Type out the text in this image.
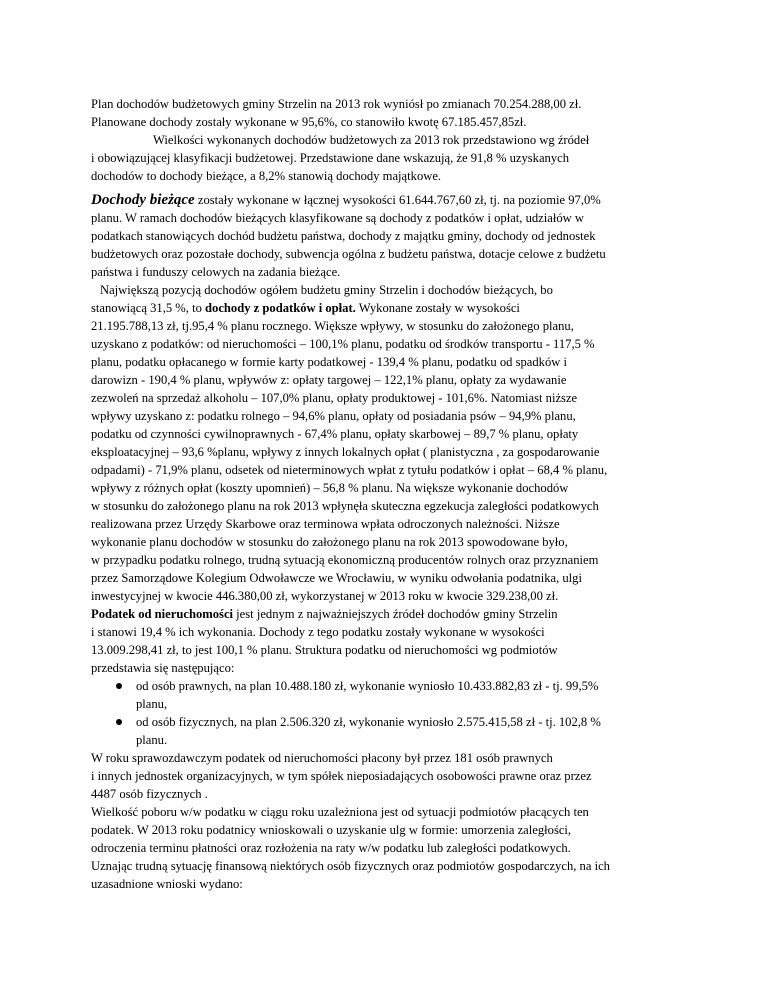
Plan dochodów budżetowych gminy Strzelin na 2013 rok wyniósł po zmianach 70.254.288,00 zł.
Planowane dochody zostały wykonane w 95,6%, co stanowiło kwotę 67.185.457,85zł.
Wielkości wykonanych dochodów budżetowych za 2013 rok przedstawiono wg źródeł
i obowiązującej klasyfikacji budżetowej. Przedstawione dane wskazują, że 91,8 % uzyskanych
dochodów to dochody bieżące, a 8,2% stanowią dochody majątkowe.
Dochody bieżące zostały wykonane w łącznej wysokości 61.644.767,60 zł, tj. na poziomie 97,0%
planu. W ramach dochodów bieżących klasyfikowane są dochody z podatków i opłat, udziałów w
podatkach stanowiących dochód budżetu państwa, dochody z majątku gminy, dochody od jednostek
budżetowych oraz pozostałe dochody, subwencja ogólna z budżetu państwa, dotacje celowe z budżetu
państwa i funduszy celowych na zadania bieżące.
Największą pozycją dochodów ogółem budżetu gminy Strzelin i dochodów bieżących, bo
stanowiącą 31,5 %, to dochody z podatków i opłat. Wykonane zostały w wysokości
21.195.788,13 zł, tj.95,4 % planu rocznego. Większe wpływy, w stosunku do założonego planu,
uzyskano z podatków: od nieruchomości – 100,1% planu, podatku od środków transportu - 117,5 %
planu, podatku opłacanego w formie karty podatkowej - 139,4 % planu, podatku od spadków i
darowizn - 190,4 % planu, wpływów z: opłaty targowej – 122,1% planu, opłaty za wydawanie
zezwoleń na sprzedaż alkoholu – 107,0% planu, opłaty produktowej - 101,6%. Natomiast niższe
wpływy uzyskano z: podatku rolnego – 94,6% planu, opłaty od posiadania psów – 94,9% planu,
podatku od czynności cywilnoprawnych - 67,4% planu, opłaty skarbowej – 89,7 % planu, opłaty
eksploatacyjnej – 93,6 %planu, wpływy z innych lokalnych opłat ( planistyczna , za gospodarowanie
odpadami) - 71,9% planu, odsetek od nieterminowych wpłat z tytułu podatków i opłat – 68,4 % planu,
wpływy z różnych opłat (koszty upomnień) – 56,8 % planu. Na większe wykonanie dochodów
w stosunku do założonego planu na rok 2013 wpłynęła skuteczna egzekucja zaległości podatkowych
realizowana przez Urzędy Skarbowe oraz terminowa wpłata odroczonych należności. Niższe
wykonanie planu dochodów w stosunku do założonego planu na rok 2013 spowodowane było,
w przypadku podatku rolnego, trudną sytuacją ekonomiczną producentów rolnych oraz przyznaniem
przez Samorządowe Kolegium Odwoławcze we Wrocławiu, w wyniku odwołania podatnika, ulgi
inwestycyjnej w kwocie 446.380,00 zł, wykorzystanej w 2013 roku w kwocie 329.238,00 zł.
Podatek od nieruchomości jest jednym z najważniejszych źródeł dochodów gminy Strzelin
i stanowi 19,4 % ich wykonania. Dochody z tego podatku zostały wykonane w wysokości
13.009.298,41 zł, to jest 100,1 % planu. Struktura podatku od nieruchomości wg podmiotów
przedstawia się następująco:
od osób prawnych, na plan 10.488.180 zł, wykonanie wyniosło 10.433.882,83 zł - tj. 99,5%
planu,
od osób fizycznych, na plan 2.506.320 zł, wykonanie wyniosło 2.575.415,58 zł - tj. 102,8 %
planu.
W roku sprawozdawczym podatek od nieruchomości płacony był przez 181 osób prawnych
i innych jednostek organizacyjnych, w tym spółek nieposiadających osobowości prawne oraz przez
4487 osób fizycznych .
Wielkość poboru w/w podatku w ciągu roku uzależniona jest od sytuacji podmiotów płacących ten
podatek. W 2013 roku podatnicy wnioskowali o uzyskanie ulg w formie: umorzenia zaległości,
odroczenia terminu płatności oraz rozłożenia na raty w/w podatku lub zaległości podatkowych.
Uznając trudną sytuację finansową niektórych osób fizycznych oraz podmiotów gospodarczych, na ich
uzasadnione wnioski wydano:
